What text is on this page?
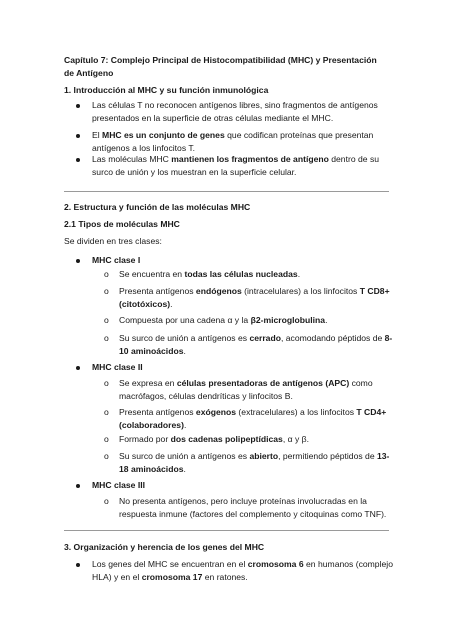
Capítulo 7: Complejo Principal de Histocompatibilidad (MHC) y Presentación de Antígeno
1. Introducción al MHC y su función inmunológica
Las células T no reconocen antígenos libres, sino fragmentos de antígenos presentados en la superficie de otras células mediante el MHC.
El MHC es un conjunto de genes que codifican proteínas que presentan antígenos a los linfocitos T.
Las moléculas MHC mantienen los fragmentos de antígeno dentro de su surco de unión y los muestran en la superficie celular.
2. Estructura y función de las moléculas MHC
2.1 Tipos de moléculas MHC
Se dividen en tres clases:
MHC clase I
o Se encuentra en todas las células nucleadas.
o Presenta antígenos endógenos (intracelulares) a los linfocitos T CD8+ (citotóxicos).
o Compuesta por una cadena α y la β2-microglobulina.
o Su surco de unión a antígenos es cerrado, acomodando péptidos de 8-10 aminoácidos.
MHC clase II
o Se expresa en células presentadoras de antígenos (APC) como macrófagos, células dendríticas y linfocitos B.
o Presenta antígenos exógenos (extracelulares) a los linfocitos T CD4+ (colaboradores).
o Formado por dos cadenas polipeptídicas, α y β.
o Su surco de unión a antígenos es abierto, permitiendo péptidos de 13-18 aminoácidos.
MHC clase III
o No presenta antígenos, pero incluye proteínas involucradas en la respuesta inmune (factores del complemento y citoquinas como TNF).
3. Organización y herencia de los genes del MHC
Los genes del MHC se encuentran en el cromosoma 6 en humanos (complejo HLA) y en el cromosoma 17 en ratones.
